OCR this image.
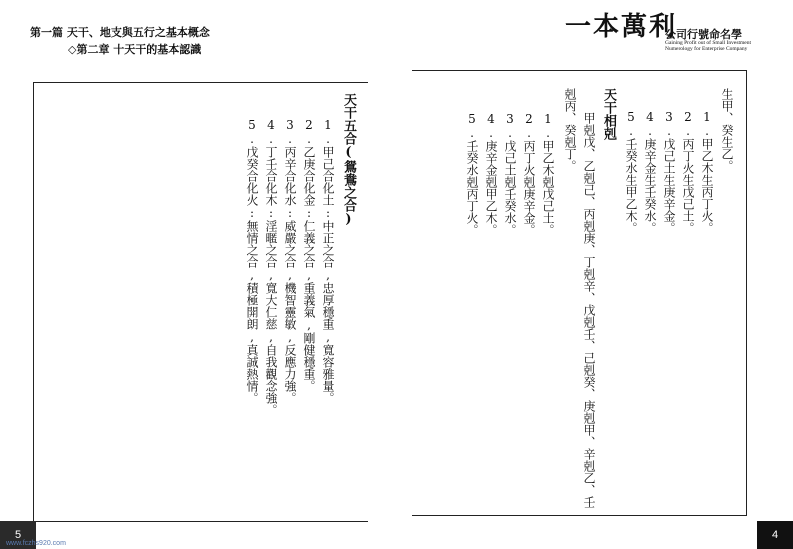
第一篇 天干、地支與五行之基本概念
◇第二章 十天干的基本認識
一本萬利
公司行號命名學
Gaining Profit out of Small Investment
Numerology for Enterprise Company
生甲、癸生乙。
1.甲乙木生丙丁火。
2.丙丁火生戊己土。
3.戊己土生庚辛金。
4.庚辛金生壬癸水。
5.壬癸水生甲乙木。
天干相剋
甲剋戊、乙剋己、丙剋庚、丁剋辛、戊剋壬、己剋癸、庚剋甲、辛剋乙、壬
剋丙、癸剋丁。
1.甲乙木剋戊己土。
2.丙丁火剋庚辛金。
3.戊己土剋壬癸水。
4.庚辛金剋甲乙木。
5.壬癸水剋丙丁火。
天干五合(鴛鴦之合)
1.甲己合化土:中正之合,忠厚穩重,寬容雅量。
2.乙庚合化金:仁義之合,重義氣,剛健穩重。
3.丙辛合化水:威嚴之合,機智靈敏,反應力強。
4.丁壬合化木:淫暱之合,寬大仁慈,自我觀念強。
5.戊癸合化火:無情之合,積極開朗,真誠熱情。
5	4
www.fczhs920.com
